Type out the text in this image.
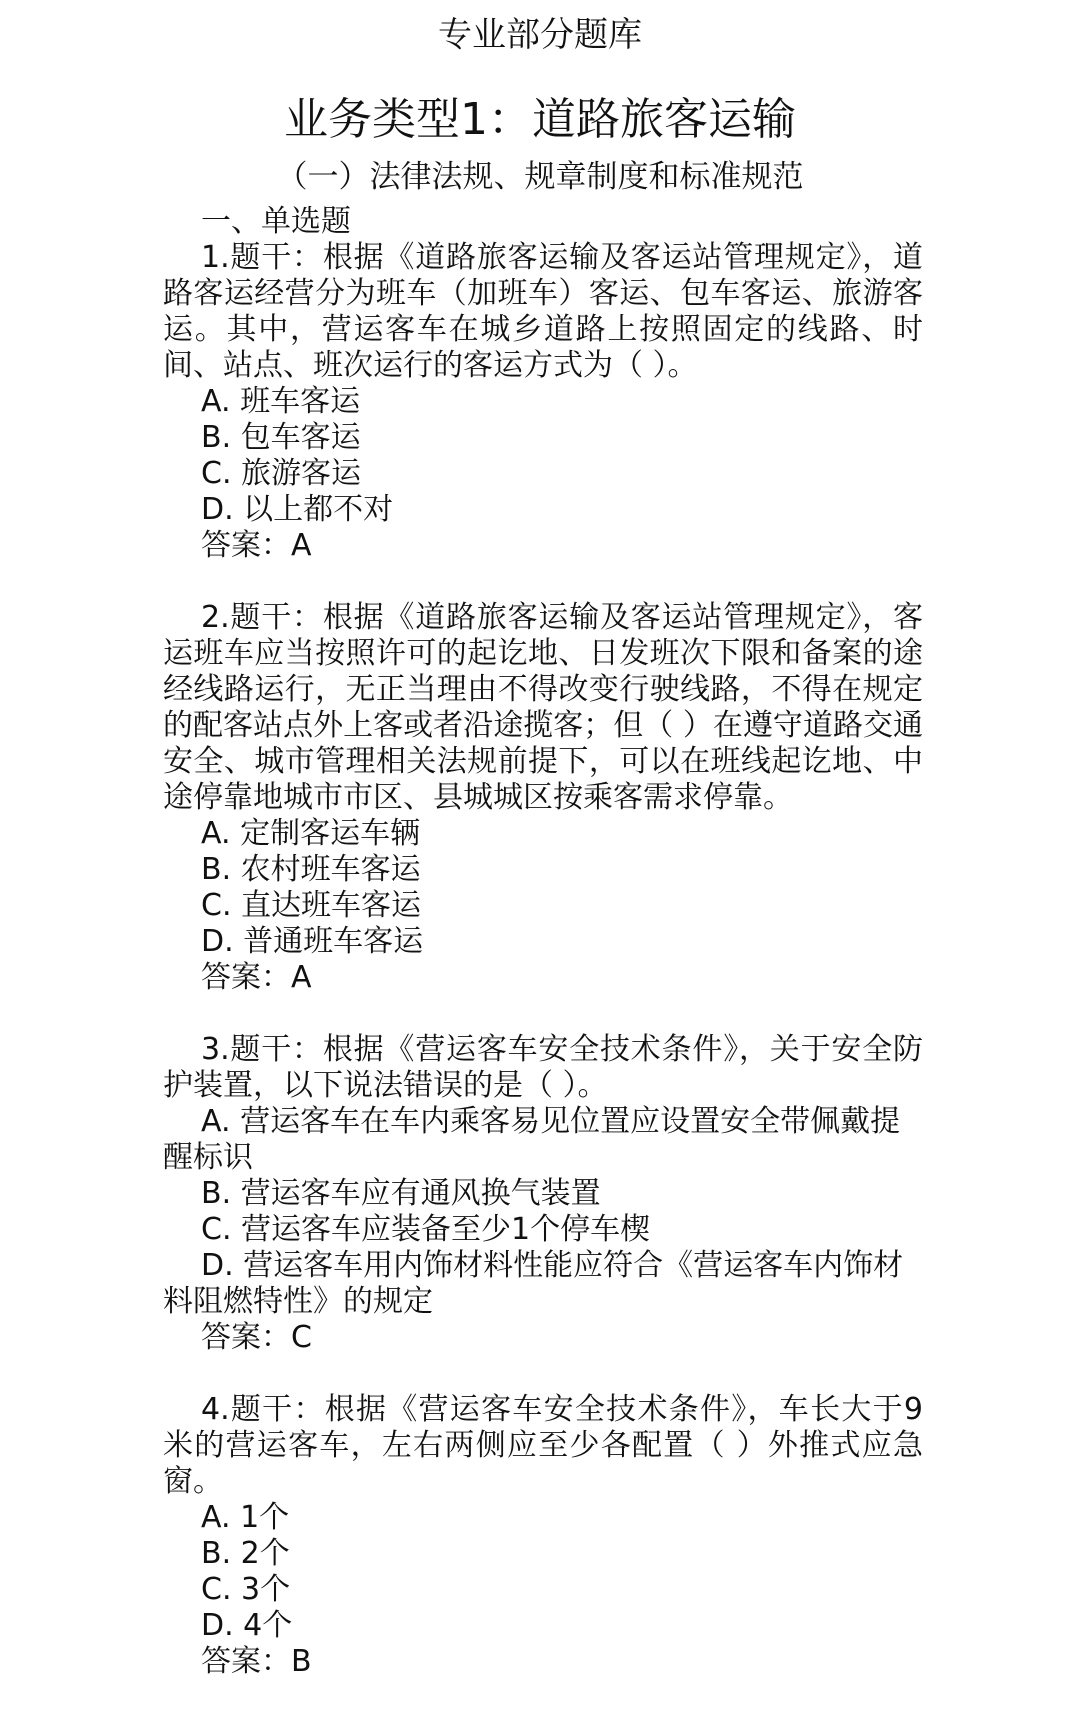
专业部分题库
业务类型1：道路旅客运输
（一）法律法规、规章制度和标准规范

一、单选题

1.题干：根据《道路旅客运输及客运站管理规定》，道路客运经营分为班车（加班车）客运、包车客运、旅游客运。其中，营运客车在城乡道路上按照固定的线路、时间、站点、班次运行的客运方式为（ ）。

A. 班车客运

B. 包车客运

C. 旅游客运

D. 以上都不对

答案：A

2.题干：根据《道路旅客运输及客运站管理规定》，客运班车应当按照许可的起讫地、日发班次下限和备案的途经线路运行，无正当理由不得改变行驶线路，不得在规定的配客站点外上客或者沿途揽客；但（ ）在遵守道路交通安全、城市管理相关法规前提下，可以在班线起讫地、中途停靠地城市市区、县城城区按乘客需求停靠。

A. 定制客运车辆

B. 农村班车客运

C. 直达班车客运

D. 普通班车客运

答案：A

3.题干：根据《营运客车安全技术条件》，关于安全防护装置，以下说法错误的是（ ）。

A. 营运客车在车内乘客易见位置应设置安全带佩戴提醒标识

B. 营运客车应有通风换气装置

C. 营运客车应装备至少1个停车楔

D. 营运客车用内饰材料性能应符合《营运客车内饰材料阻燃特性》的规定

答案：C

4.题干：根据《营运客车安全技术条件》，车长大于9米的营运客车，左右两侧应至少各配置（ ）外推式应急窗。

A. 1个

B. 2个

C. 3个

D. 4个

答案：B
